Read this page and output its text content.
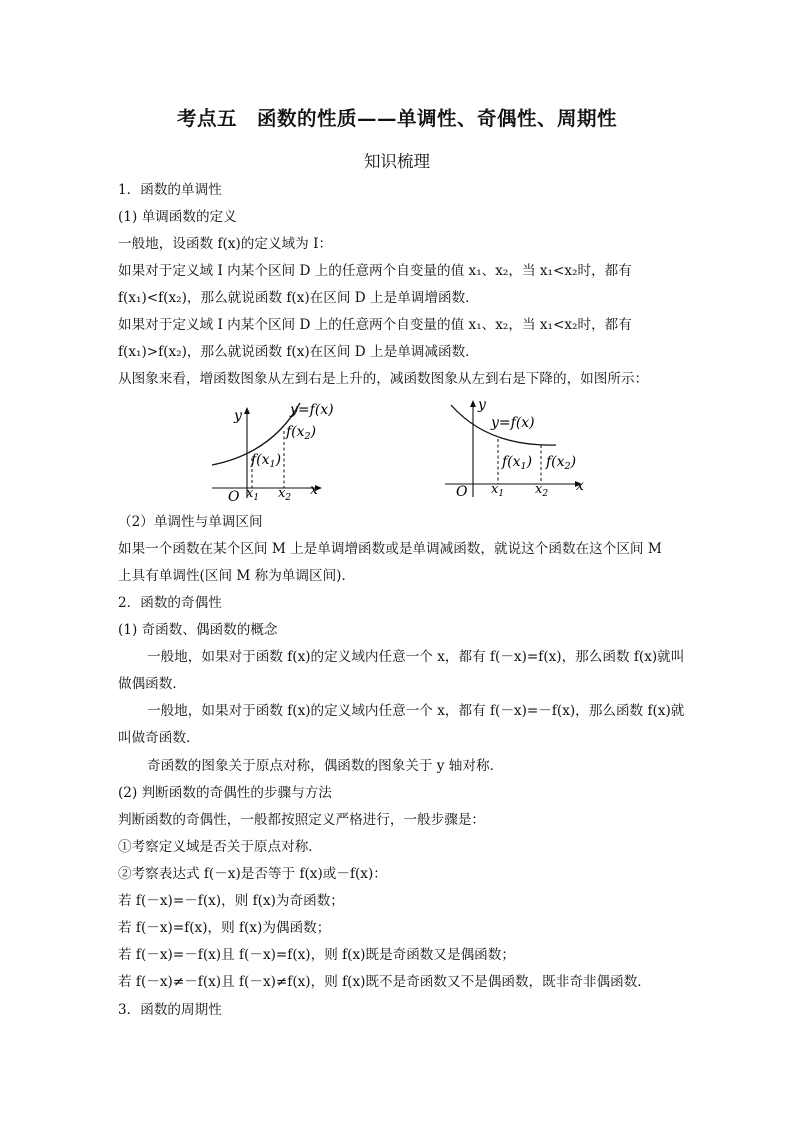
考点五　函数的性质——单调性、奇偶性、周期性
知识梳理
1．函数的单调性
(1) 单调函数的定义
一般地，设函数 f(x)的定义域为 I：
如果对于定义域 I 内某个区间 D 上的任意两个自变量的值 x₁、x₂，当 x₁<x₂时，都有
f(x₁)<f(x₂)，那么就说函数 f(x)在区间 D 上是单调增函数．
如果对于定义域 I 内某个区间 D 上的任意两个自变量的值 x₁、x₂，当 x₁<x₂时，都有
f(x₁)>f(x₂)，那么就说函数 f(x)在区间 D 上是单调减函数．
从图象来看，增函数图象从左到右是上升的，减函数图象从左到右是下降的，如图所示：
y	y=f(x)
$f(x_2)$
$f(x_1)$
O $x_1$ $x_2$ x
y
y=f(x)
$f(x_1)$ $f(x_2)$
O $x_1$ $x_2$ x
（2）单调性与单调区间
如果一个函数在某个区间 M 上是单调增函数或是单调减函数，就说这个函数在这个区间 M
上具有单调性(区间 M 称为单调区间)．
2．函数的奇偶性
(1) 奇函数、偶函数的概念
一般地，如果对于函数 f(x)的定义域内任意一个 x，都有 f(－x)=f(x)，那么函数 f(x)就叫
做偶函数．
一般地，如果对于函数 f(x)的定义域内任意一个 x，都有 f(－x)=－f(x)，那么函数 f(x)就
叫做奇函数．
奇函数的图象关于原点对称，偶函数的图象关于 y 轴对称．
(2) 判断函数的奇偶性的步骤与方法
判断函数的奇偶性，一般都按照定义严格进行，一般步骤是：
①考察定义域是否关于原点对称．
②考察表达式 f(－x)是否等于 f(x)或－f(x)：
若 f(－x)=－f(x)，则 f(x)为奇函数；
若 f(－x)=f(x)，则 f(x)为偶函数；
若 f(－x)=－f(x)且 f(－x)=f(x)，则 f(x)既是奇函数又是偶函数；
若 f(－x)≠－f(x)且 f(－x)≠f(x)，则 f(x)既不是奇函数又不是偶函数，既非奇非偶函数．
3．函数的周期性
